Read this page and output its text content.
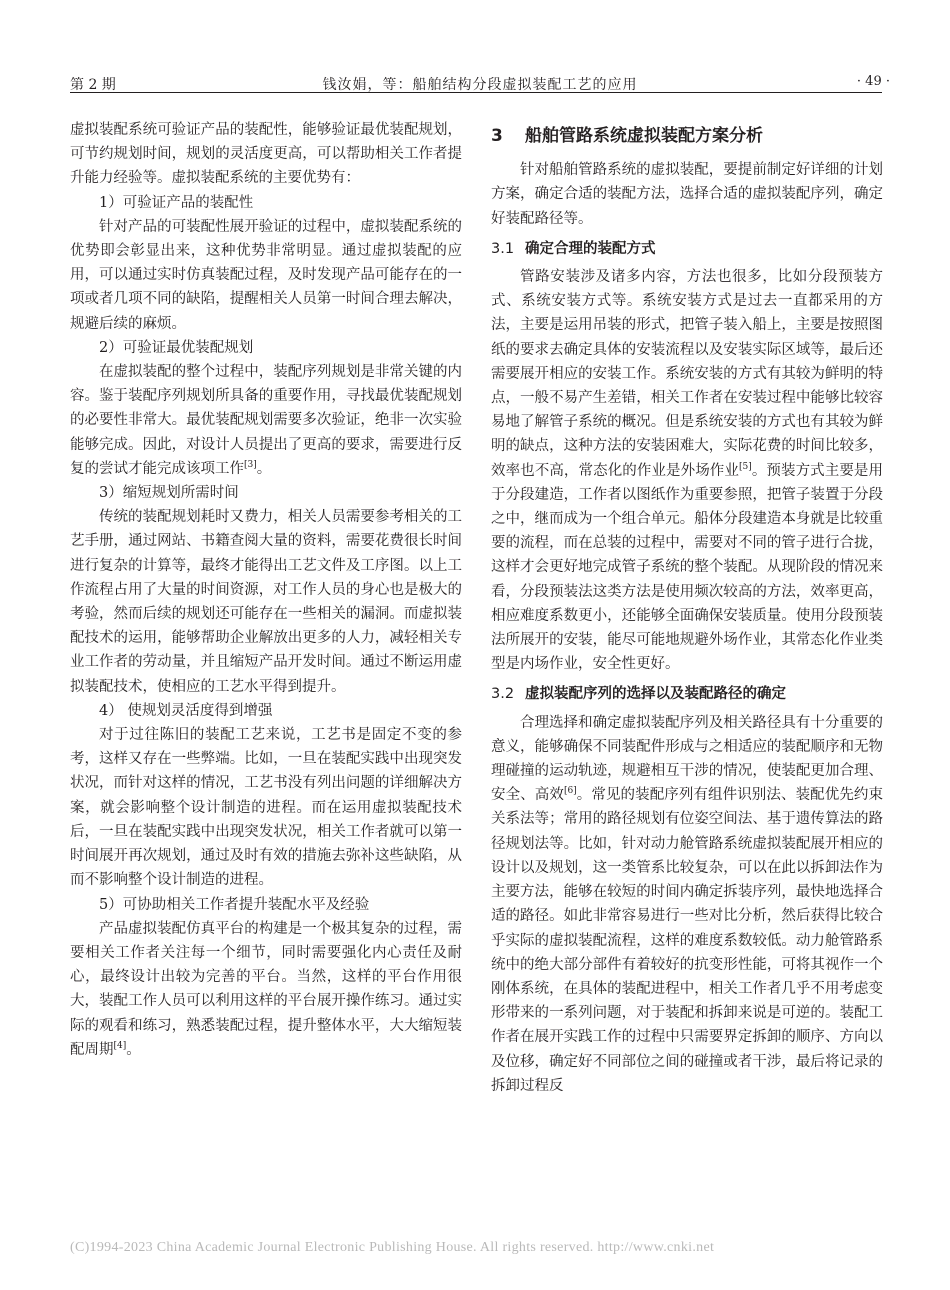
第 2 期	钱汝娟，等：船舶结构分段虚拟装配工艺的应用	· 49 ·

虚拟装配系统可验证产品的装配性，能够验证最优装配规划，可节约规划时间，规划的灵活度更高，可以帮助相关工作者提升能力经验等。虚拟装配系统的主要优势有：

1）可验证产品的装配性

针对产品的可装配性展开验证的过程中，虚拟装配系统的优势即会彰显出来，这种优势非常明显。通过虚拟装配的应用，可以通过实时仿真装配过程，及时发现产品可能存在的一项或者几项不同的缺陷，提醒相关人员第一时间合理去解决，规避后续的麻烦。

2）可验证最优装配规划

在虚拟装配的整个过程中，装配序列规划是非常关键的内容。鉴于装配序列规划所具备的重要作用，寻找最优装配规划的必要性非常大。最优装配规划需要多次验证，绝非一次实验能够完成。因此，对设计人员提出了更高的要求，需要进行反复的尝试才能完成该项工作[3]。

3）缩短规划所需时间

传统的装配规划耗时又费力，相关人员需要参考相关的工艺手册，通过网站、书籍查阅大量的资料，需要花费很长时间进行复杂的计算等，最终才能得出工艺文件及工序图。以上工作流程占用了大量的时间资源，对工作人员的身心也是极大的考验，然而后续的规划还可能存在一些相关的漏洞。而虚拟装配技术的运用，能够帮助企业解放出更多的人力，减轻相关专业工作者的劳动量，并且缩短产品开发时间。通过不断运用虚拟装配技术，使相应的工艺水平得到提升。

4） 使规划灵活度得到增强

对于过往陈旧的装配工艺来说，工艺书是固定不变的参考，这样又存在一些弊端。比如，一旦在装配实践中出现突发状况，而针对这样的情况，工艺书没有列出问题的详细解决方案，就会影响整个设计制造的进程。而在运用虚拟装配技术后，一旦在装配实践中出现突发状况，相关工作者就可以第一时间展开再次规划，通过及时有效的措施去弥补这些缺陷，从而不影响整个设计制造的进程。

5）可协助相关工作者提升装配水平及经验

产品虚拟装配仿真平台的构建是一个极其复杂的过程，需要相关工作者关注每一个细节，同时需要强化内心责任及耐心，最终设计出较为完善的平台。当然，这样的平台作用很大，装配工作人员可以利用这样的平台展开操作练习。通过实际的观看和练习，熟悉装配过程，提升整体水平，大大缩短装配周期[4]。

3 船舶管路系统虚拟装配方案分析

针对船舶管路系统的虚拟装配，要提前制定好详细的计划方案，确定合适的装配方法，选择合适的虚拟装配序列，确定好装配路径等。

3.1 确定合理的装配方式

管路安装涉及诸多内容，方法也很多，比如分段预装方式、系统安装方式等。系统安装方式是过去一直都采用的方法，主要是运用吊装的形式，把管子装入船上，主要是按照图纸的要求去确定具体的安装流程以及安装实际区域等，最后还需要展开相应的安装工作。系统安装的方式有其较为鲜明的特点，一般不易产生差错，相关工作者在安装过程中能够比较容易地了解管子系统的概况。但是系统安装的方式也有其较为鲜明的缺点，这种方法的安装困难大，实际花费的时间比较多，效率也不高，常态化的作业是外场作业[5]。预装方式主要是用于分段建造，工作者以图纸作为重要参照，把管子装置于分段之中，继而成为一个组合单元。船体分段建造本身就是比较重要的流程，而在总装的过程中，需要对不同的管子进行合拢，这样才会更好地完成管子系统的整个装配。从现阶段的情况来看，分段预装法这类方法是使用频次较高的方法，效率更高，相应难度系数更小，还能够全面确保安装质量。使用分段预装法所展开的安装，能尽可能地规避外场作业，其常态化作业类型是内场作业，安全性更好。

3.2 虚拟装配序列的选择以及装配路径的确定

合理选择和确定虚拟装配序列及相关路径具有十分重要的意义，能够确保不同装配件形成与之相适应的装配顺序和无物理碰撞的运动轨迹，规避相互干涉的情况，使装配更加合理、安全、高效[6]。常见的装配序列有组件识别法、装配优先约束关系法等；常用的路径规划有位姿空间法、基于遗传算法的路径规划法等。比如，针对动力舱管路系统虚拟装配展开相应的设计以及规划，这一类管系比较复杂，可以在此以拆卸法作为主要方法，能够在较短的时间内确定拆装序列，最快地选择合适的路径。如此非常容易进行一些对比分析，然后获得比较合乎实际的虚拟装配流程，这样的难度系数较低。动力舱管路系统中的绝大部分部件有着较好的抗变形性能，可将其视作一个刚体系统，在具体的装配进程中，相关工作者几乎不用考虑变形带来的一系列问题，对于装配和拆卸来说是可逆的。装配工作者在展开实践工作的过程中只需要界定拆卸的顺序、方向以及位移，确定好不同部位之间的碰撞或者干涉，最后将记录的拆卸过程反

(C)1994-2023 China Academic Journal Electronic Publishing House. All rights reserved. http://www.cnki.net
